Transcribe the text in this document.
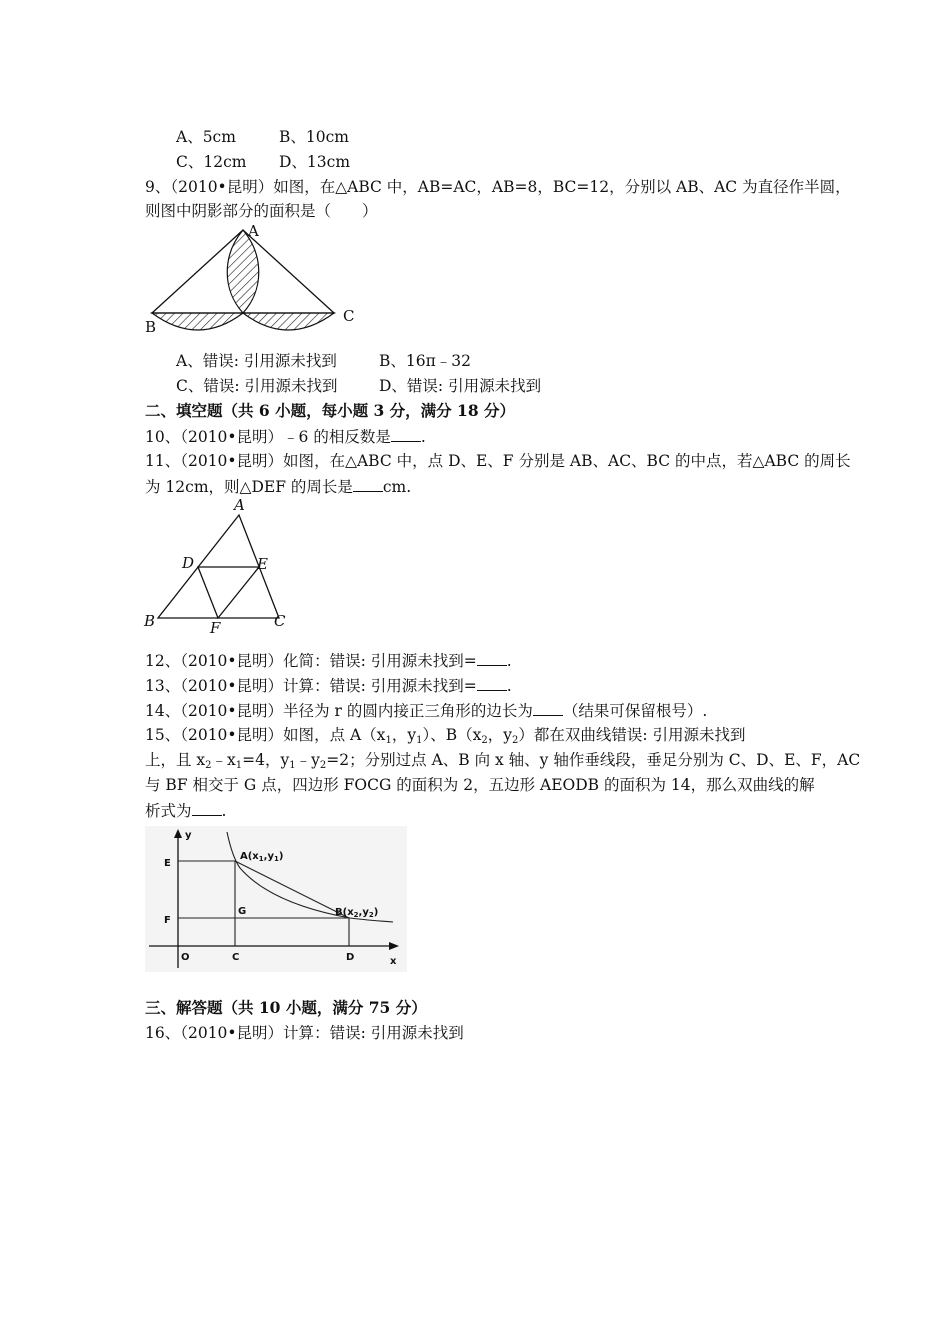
A、5cm	B、10cm
C、12cm D、13cm
9、（2010•昆明）如图，在△ABC 中，AB=AC，AB=8，BC=12，分别以 AB、AC 为直径作半圆，
则图中阴影部分的面积是（　　）
A
B
C
A、错误: 引用源未找到	B、16π﹣32
C、错误: 引用源未找到	D、错误: 引用源未找到
二、填空题（共 6 小题，每小题 3 分，满分 18 分）
10、（2010•昆明）﹣6 的相反数是 .
11、（2010•昆明）如图，在△ABC 中，点 D、E、F 分别是 AB、AC、BC 的中点，若△ABC 的周长
为 12cm，则△DEF 的周长是 cm.
A
B	C
D	E
F
12、（2010•昆明）化简：错误: 引用源未找到= .
13、（2010•昆明）计算：错误: 引用源未找到= .
14、（2010•昆明）半径为 r 的圆内接正三角形的边长为 （结果可保留根号）.
15、（2010•昆明）如图，点 $A(x_1$，$y_1$）、$B(x_2$，$y_2$）都在双曲线错误: 引用源未找到
上，且 $x_2﹣x_1=4$，$y_1﹣y_2=2$；分别过点 A、B 向 x 轴、y 轴作垂线段，垂足分别为 C、D、E、F，AC
与 BF 相交于 G 点，四边形 FOCG 的面积为 2，五边形 AEODB 的面积为 14，那么双曲线的解
析式为 .
y
x
E
F
G
O	C	D
$A(x_1,y_1)$
$B(x_2,y_2)$
三、解答题（共 10 小题，满分 75 分）
16、（2010•昆明）计算：错误: 引用源未找到
